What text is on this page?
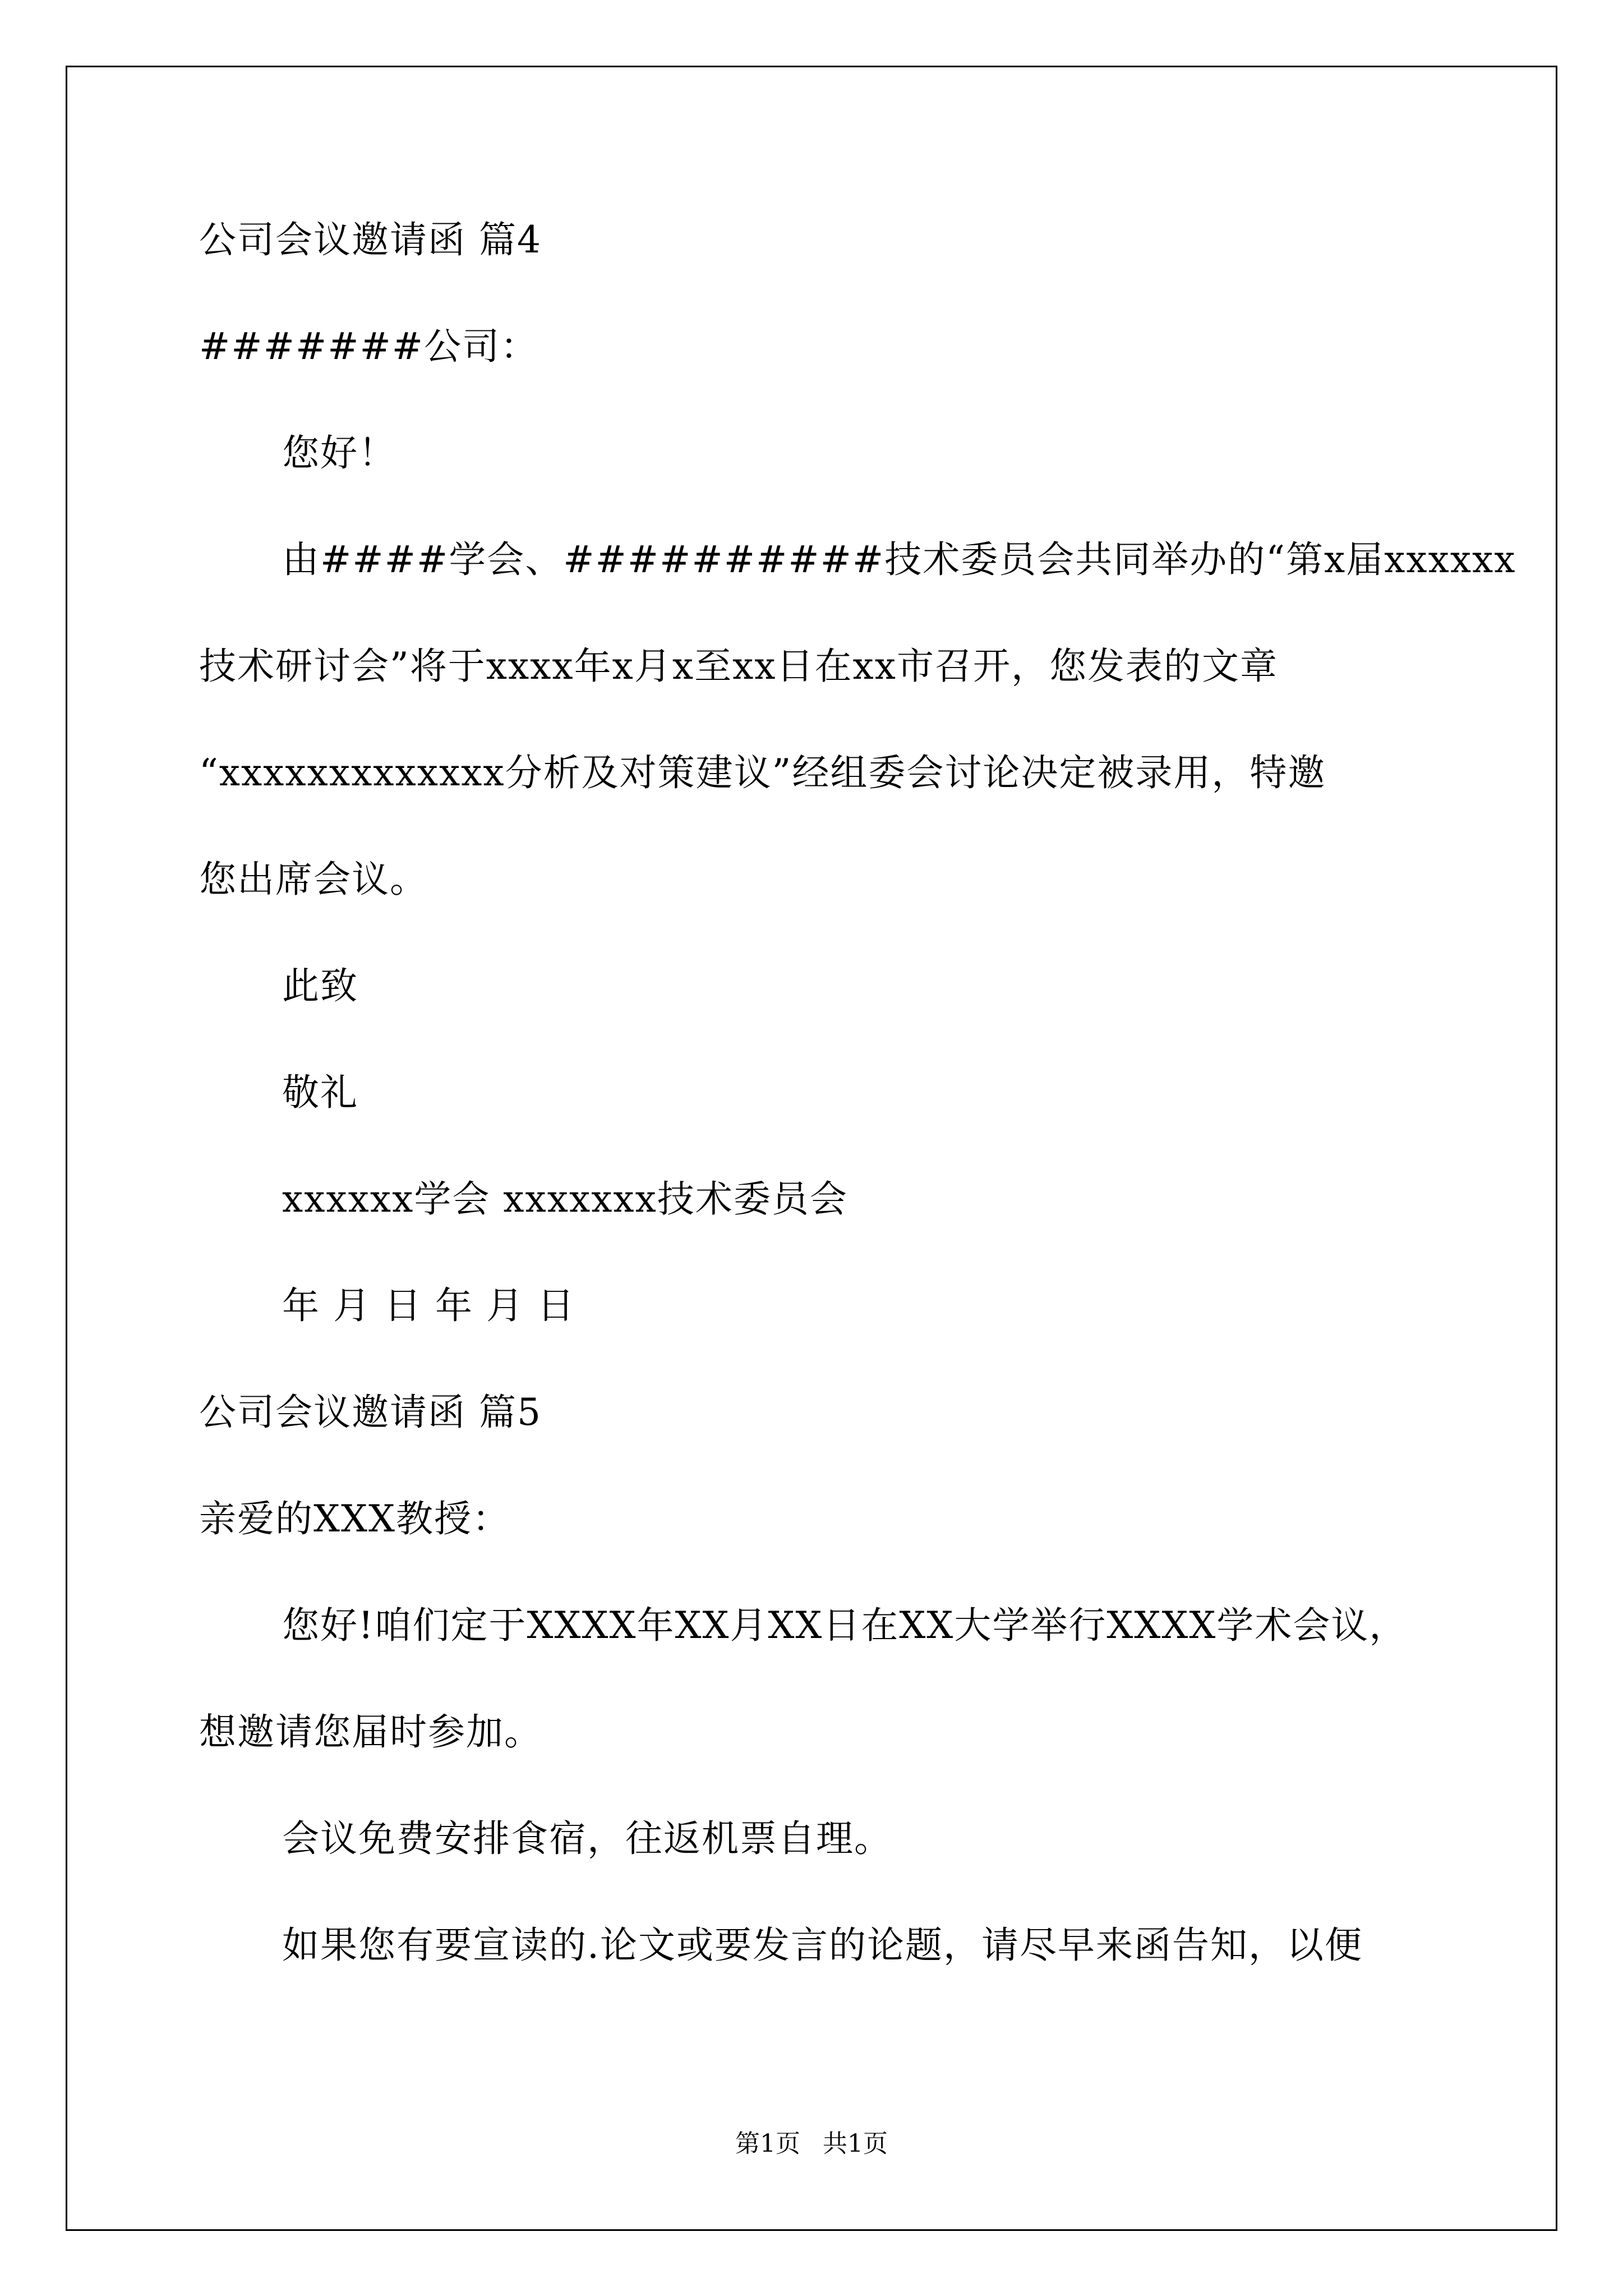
公司会议邀请函 篇4
#######公司：
您好！
由####学会、##########技术委员会共同举办的“第x届xxxxxx
技术研讨会”将于xxxx年x月x至xx日在xx市召开，您发表的文章
“xxxxxxxxxxxxx分析及对策建议”经组委会讨论决定被录用，特邀
您出席会议。
此致
敬礼
xxxxxx学会 xxxxxxx技术委员会
年 月 日 年 月 日
公司会议邀请函 篇5
亲爱的XXX教授：
您好!咱们定于XXXX年XX月XX日在XX大学举行XXXX学术会议，
想邀请您届时参加。
会议免费安排食宿，往返机票自理。
如果您有要宣读的.论文或要发言的论题，请尽早来函告知，以便
第1页 共1页
